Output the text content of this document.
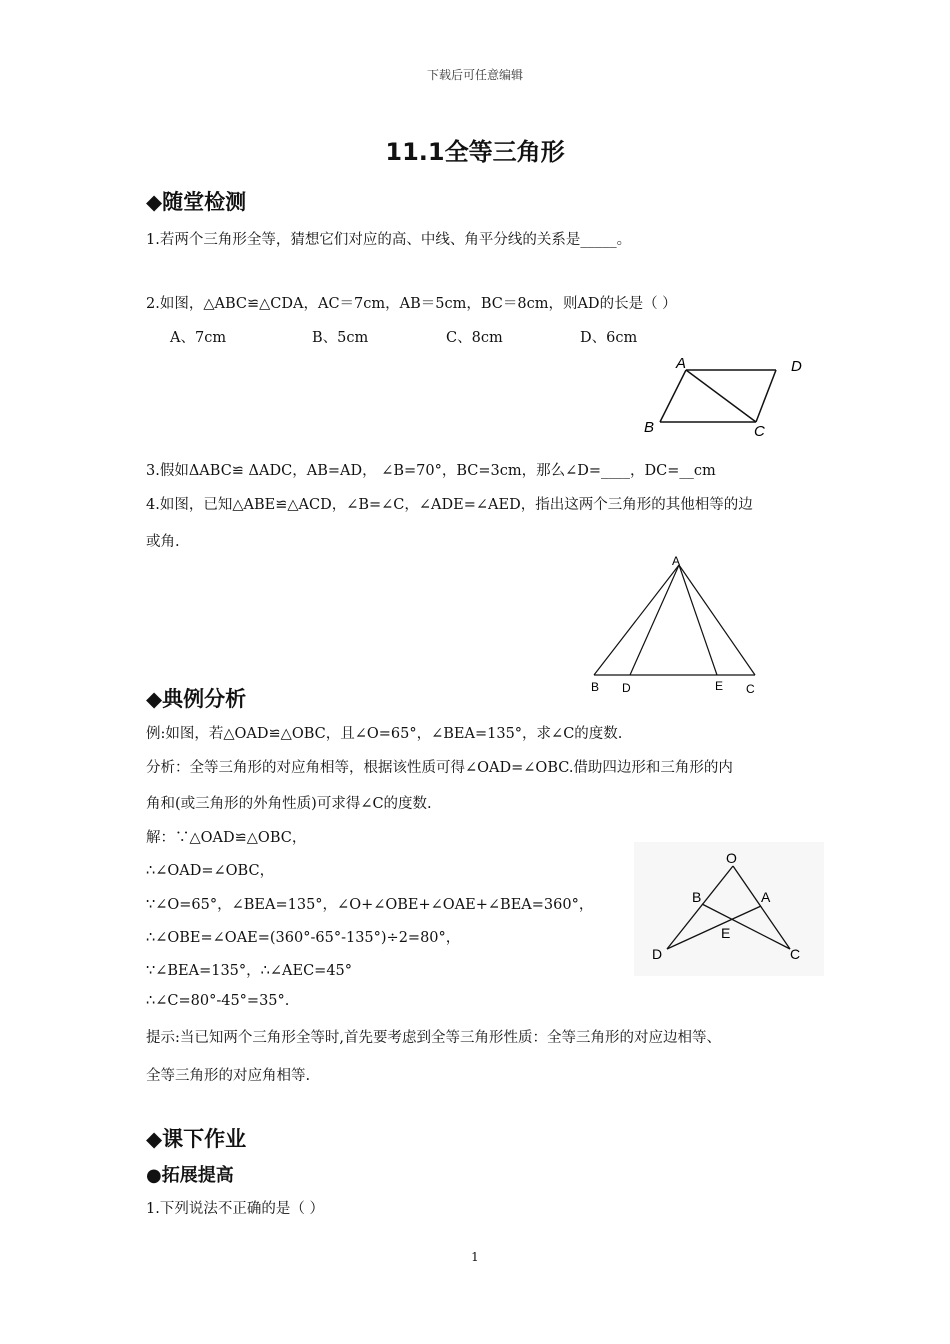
下载后可任意编辑
11.1全等三角形
◆随堂检测
1.若两个三角形全等，猜想它们对应的高、中线、角平分线的关系是_____。
2.如图，△ABC≌△CDA，AC＝7cm，AB＝5cm，BC＝8cm，则AD的长是（ ）
A、7cm	B、5cm	C、8cm	D、6cm
A	D
B	C
3.假如ΔABC≌ ΔADC，AB=AD， ∠B=70°，BC=3cm，那么∠D=____，DC=__cm
4.如图，已知△ABE≌△ACD，∠B=∠C，∠ADE=∠AED，指出这两个三角形的其他相等的边
或角.
A
B D	E C
◆典例分析
例:如图，若△OAD≌△OBC，且∠O=65°，∠BEA=135°，求∠C的度数.
分析：全等三角形的对应角相等，根据该性质可得∠OAD=∠OBC.借助四边形和三角形的内
角和(或三角形的外角性质)可求得∠C的度数.
解：∵△OAD≌△OBC，
∴∠OAD=∠OBC，
∵∠O=65°，∠BEA=135°，∠O+∠OBE+∠OAE+∠BEA=360°，
∴∠OBE=∠OAE=(360°-65°-135°)÷2=80°，
∵∠BEA=135°，∴∠AEC=45°
∴∠C=80°-45°=35°.
提示:当已知两个三角形全等时,首先要考虑到全等三角形性质：全等三角形的对应边相等、
全等三角形的对应角相等.
O
B	A
E
D	C
◆课下作业
●拓展提高
1.下列说法不正确的是（ ）
1
